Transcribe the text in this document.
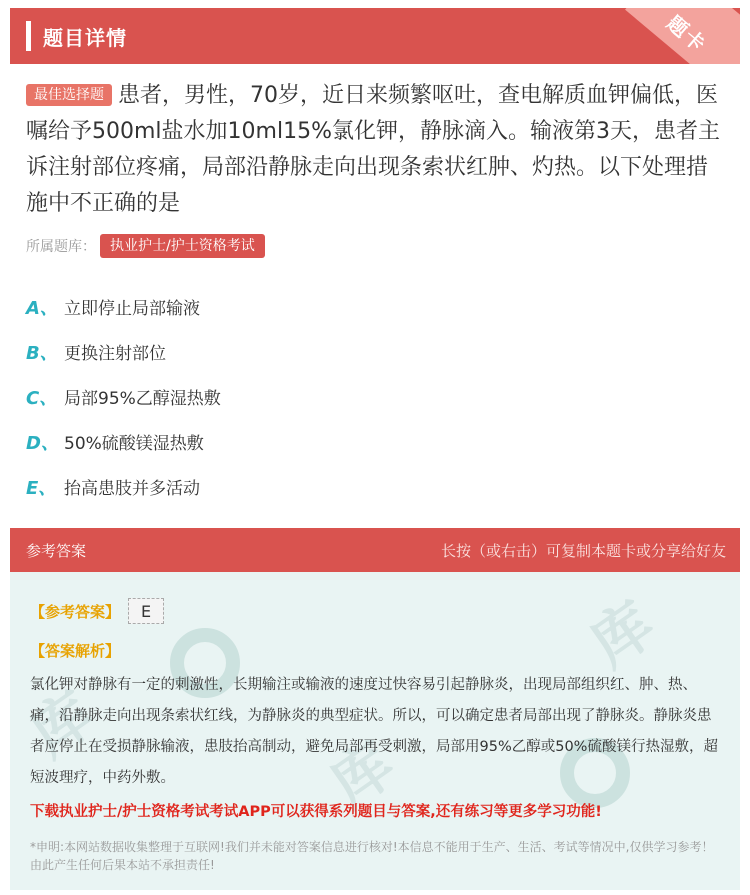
题目详情	题卡
最佳选择题 患者，男性，70岁，近日来频繁呕吐，查电解质血钾偏低，医嘱给予500ml盐水加10ml15%氯化钾，静脉滴入。输液第3天，患者主诉注射部位疼痛，局部沿静脉走向出现条索状红肿、灼热。以下处理措施中不正确的是
所属题库：	执业护士/护士资格考试
A、 立即停止局部输液
B、 更换注射部位
C、 局部95%乙醇湿热敷
D、 50%硫酸镁湿热敷
E、 抬高患肢并多活动
参考答案	长按（或右击）可复制本题卡或分享给好友
库
库
库
【参考答案】	E
【答案解析】
氯化钾对静脉有一定的刺激性，长期输注或输液的速度过快容易引起静脉炎，出现局部组织红、肿、热、痛，沿静脉走向出现条索状红线，为静脉炎的典型症状。所以，可以确定患者局部出现了静脉炎。静脉炎患者应停止在受损静脉输液，患肢抬高制动，避免局部再受刺激，局部用95%乙醇或50%硫酸镁行热湿敷，超短波理疗，中药外敷。
下载执业护士/护士资格考试考试APP可以获得系列题目与答案,还有练习等更多学习功能!
*申明:本网站数据收集整理于互联网!我们并未能对答案信息进行核对!本信息不能用于生产、生活、考试等情况中,仅供学习参考！由此产生任何后果本站不承担责任!
